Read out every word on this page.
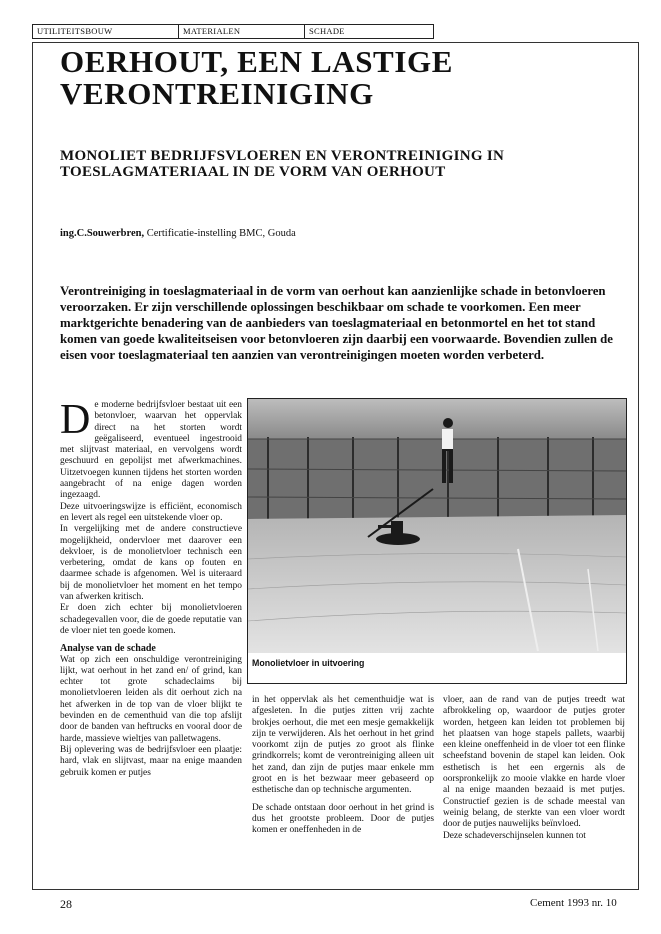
UTILITEITSBOUW	MATERIALEN	SCHADE
OERHOUT, EEN LASTIGE
VERONTREINIGING
MONOLIET BEDRIJFSVLOEREN EN VERONTREINIGING IN TOESLAGMATERIAAL IN DE VORM VAN OERHOUT
ing.C.Souwerbren, Certificatie-instelling BMC, Gouda

Verontreiniging in toeslagmateriaal in de vorm van oerhout kan aanzienlijke schade in betonvloeren veroorzaken. Er zijn verschillende oplossingen beschikbaar om schade te voorkomen. Een meer marktgerichte benadering van de aanbieders van toeslagmateriaal en betonmortel en het tot stand komen van goede kwaliteitseisen voor betonvloeren zijn daarbij een voorwaarde. Bovendien zullen de eisen voor toeslagmateriaal ten aanzien van verontreinigingen moeten worden verbeterd.

De moderne bedrijfsvloer bestaat uit een betonvloer, waarvan het oppervlak direct na het storten wordt geëgaliseerd, eventueel ingestrooid met slijtvast materiaal, en vervolgens wordt geschuurd en gepolijst met afwerkmachines. Uitzetvoegen kunnen tijdens het storten worden aangebracht of na enige dagen worden ingezaagd.

Deze uitvoeringswijze is efficiënt, economisch en levert als regel een uitstekende vloer op.

In vergelijking met de andere constructieve mogelijkheid, ondervloer met daarover een dekvloer, is de monolietvloer technisch een verbetering, omdat de kans op fouten en daarmee schade is afgenomen. Wel is uiteraard bij de monolietvloer het moment en het tempo van afwerken kritisch.

Er doen zich echter bij monolietvloeren schadegevallen voor, die de goede reputatie van de vloer niet ten goede komen.

Analyse van de schade

Wat op zich een onschuldige verontreiniging lijkt, wat oerhout in het zand en/ of grind, kan echter tot grote schadeclaims bij monolietvloeren leiden als dit oerhout zich na het afwerken in de top van de vloer blijkt te bevinden en de cementhuid van die top afslijt door de banden van heftrucks en vooral door de harde, massieve wieltjes van palletwagens.

Bij oplevering was de bedrijfsvloer een plaatje: hard, vlak en slijtvast, maar na enige maanden gebruik komen er putjes

Monolietvloer in uitvoering

in het oppervlak als het cementhuidje wat is afgesleten. In die putjes zitten vrij zachte brokjes oerhout, die met een mesje gemakkelijk zijn te verwijderen. Als het oerhout in het grind voorkomt zijn de putjes zo groot als flinke grindkorrels; komt de verontreiniging alleen uit het zand, dan zijn de putjes maar enkele mm groot en is het bezwaar meer gebaseerd op esthetische dan op technische argumenten.

De schade ontstaan door oerhout in het grind is dus het grootste probleem. Door de putjes komen er oneffenheden in de

vloer, aan de rand van de putjes treedt wat afbrokkeling op, waardoor de putjes groter worden, hetgeen kan leiden tot problemen bij het plaatsen van hoge stapels pallets, waarbij een kleine oneffenheid in de vloer tot een flinke scheefstand bovenin de stapel kan leiden. Ook esthetisch is het een ergernis als de oorspronkelijk zo mooie vlakke en harde vloer al na enige maanden bezaaid is met putjes. Constructief gezien is de schade meestal van weinig belang, de sterkte van een vloer wordt door de putjes nauwelijks beïnvloed.

Deze schadeverschijnselen kunnen tot

28	Cement 1993 nr. 10
